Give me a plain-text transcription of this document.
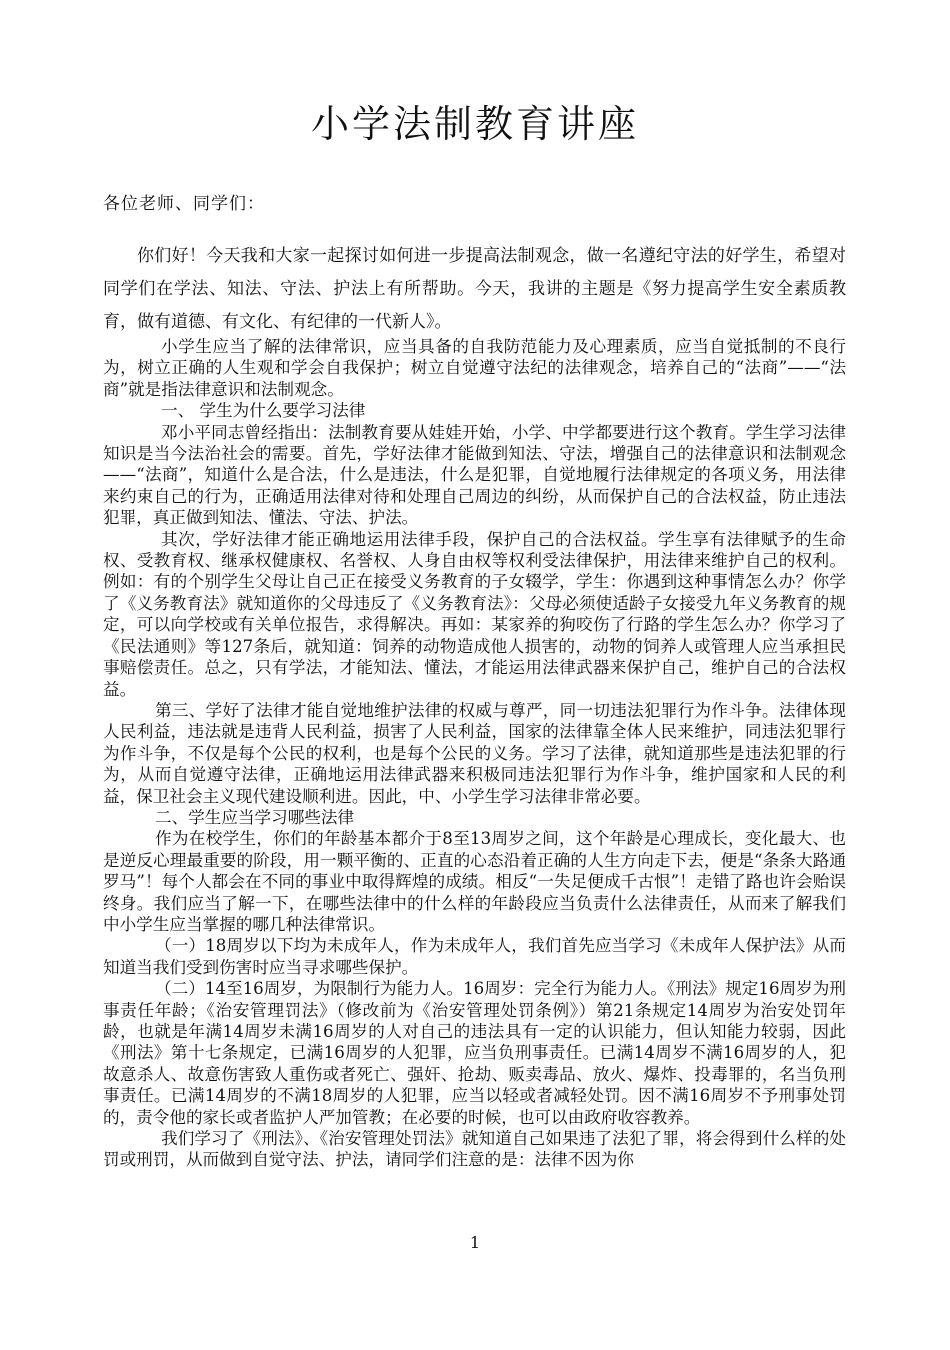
小学法制教育讲座

各位老师、同学们：

你们好！今天我和大家一起探讨如何进一步提高法制观念，做一名遵纪守法的好学生，希望对同学们在学法、知法、守法、护法上有所帮助。今天，我讲的主题是《努力提高学生安全素质教育，做有道德、有文化、有纪律的一代新人》。

小学生应当了解的法律常识，应当具备的自我防范能力及心理素质，应当自觉抵制的不良行为，树立正确的人生观和学会自我保护；树立自觉遵守法纪的法律观念，培养自己的“法商”——“法商”就是指法律意识和法制观念。

一、 学生为什么要学习法律

邓小平同志曾经指出：法制教育要从娃娃开始，小学、中学都要进行这个教育。学生学习法律知识是当今法治社会的需要。首先，学好法律才能做到知法、守法，增强自己的法律意识和法制观念——“法商”，知道什么是合法，什么是违法，什么是犯罪，自觉地履行法律规定的各项义务，用法律来约束自己的行为，正确适用法律对待和处理自己周边的纠纷，从而保护自己的合法权益，防止违法犯罪，真正做到知法、懂法、守法、护法。

其次，学好法律才能正确地运用法律手段，保护自己的合法权益。学生享有法律赋予的生命权、受教育权、继承权健康权、名誉权、人身自由权等权利受法律保护，用法律来维护自己的权利。例如：有的个别学生父母让自己正在接受义务教育的子女辍学，学生：你遇到这种事情怎么办？你学了《义务教育法》就知道你的父母违反了《义务教育法》：父母必须使适龄子女接受九年义务教育的规定，可以向学校或有关单位报告，求得解决。再如：某家养的狗咬伤了行路的学生怎么办？你学习了《民法通则》等127条后，就知道：饲养的动物造成他人损害的，动物的饲养人或管理人应当承担民事赔偿责任。总之，只有学法，才能知法、懂法，才能运用法律武器来保护自己，维护自己的合法权益。

第三、学好了法律才能自觉地维护法律的权威与尊严，同一切违法犯罪行为作斗争。法律体现人民利益，违法就是违背人民利益，损害了人民利益，国家的法律靠全体人民来维护，同违法犯罪行为作斗争，不仅是每个公民的权利，也是每个公民的义务。学习了法律，就知道那些是违法犯罪的行为，从而自觉遵守法律，正确地运用法律武器来积极同违法犯罪行为作斗争，维护国家和人民的利益，保卫社会主义现代建设顺利进。因此，中、小学生学习法律非常必要。

二、学生应当学习哪些法律

作为在校学生，你们的年龄基本都介于8至13周岁之间，这个年龄是心理成长，变化最大、也是逆反心理最重要的阶段，用一颗平衡的、正直的心态沿着正确的人生方向走下去，便是“条条大路通罗马”！每个人都会在不同的事业中取得辉煌的成绩。相反“一失足便成千古恨”！走错了路也许会贻误终身。我们应当了解一下，在哪些法律中的什么样的年龄段应当负责什么法律责任，从而来了解我们中小学生应当掌握的哪几种法律常识。

（一）18周岁以下均为未成年人，作为未成年人，我们首先应当学习《未成年人保护法》从而知道当我们受到伤害时应当寻求哪些保护。

（二）14至16周岁，为限制行为能力人。16周岁：完全行为能力人。《刑法》规定16周岁为刑事责任年龄；《治安管理罚法》（修改前为《治安管理处罚条例》）第21条规定14周岁为治安处罚年龄，也就是年满14周岁未满16周岁的人对自己的违法具有一定的认识能力，但认知能力较弱，因此《刑法》第十七条规定，已满16周岁的人犯罪，应当负刑事责任。已满14周岁不满16周岁的人，犯故意杀人、故意伤害致人重伤或者死亡、强奸、抢劫、贩卖毒品、放火、爆炸、投毒罪的，名当负刑事责任。已满14周岁的不满18周岁的人犯罪，应当以轻或者减轻处罚。因不满16周岁不予刑事处罚的，责令他的家长或者监护人严加管教；在必要的时候，也可以由政府收容教养。

我们学习了《刑法》、《治安管理处罚法》就知道自己如果违了法犯了罪，将会得到什么样的处罚或刑罚，从而做到自觉守法、护法，请同学们注意的是：法律不因为你

1
